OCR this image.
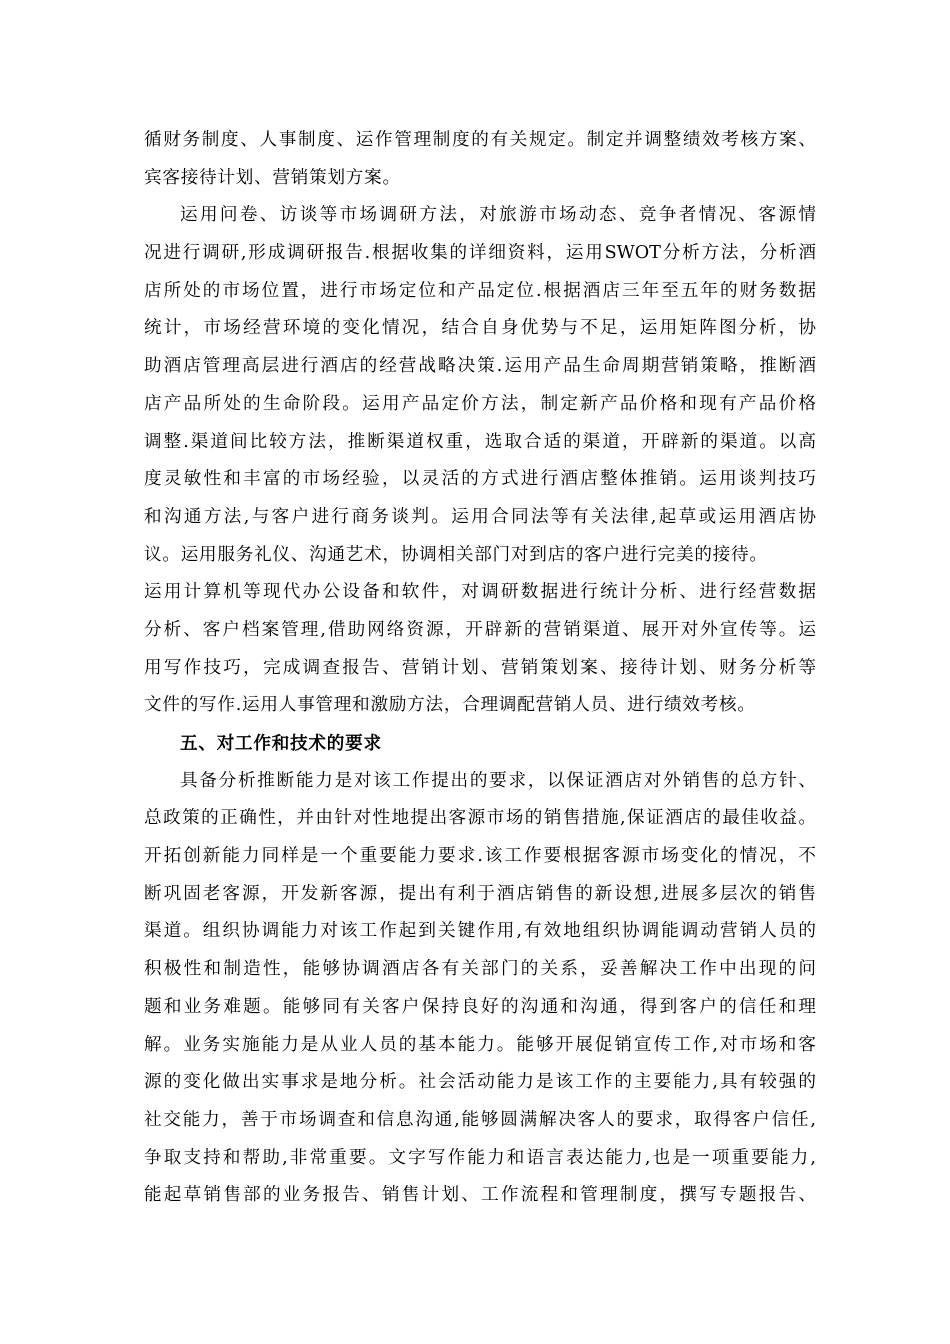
循财务制度、人事制度、运作管理制度的有关规定。制定并调整绩效考核方案、
宾客接待计划、营销策划方案。
运用问卷、访谈等市场调研方法，对旅游市场动态、竞争者情况、客源情
况进行调研,形成调研报告.根据收集的详细资料，运用SWOT分析方法，分析酒
店所处的市场位置，进行市场定位和产品定位.根据酒店三年至五年的财务数据
统计，市场经营环境的变化情况，结合自身优势与不足，运用矩阵图分析，协
助酒店管理高层进行酒店的经营战略决策.运用产品生命周期营销策略，推断酒
店产品所处的生命阶段。运用产品定价方法，制定新产品价格和现有产品价格
调整.渠道间比较方法，推断渠道权重，选取合适的渠道，开辟新的渠道。以高
度灵敏性和丰富的市场经验，以灵活的方式进行酒店整体推销。运用谈判技巧
和沟通方法,与客户进行商务谈判。运用合同法等有关法律,起草或运用酒店协
议。运用服务礼仪、沟通艺术，协调相关部门对到店的客户进行完美的接待。
运用计算机等现代办公设备和软件，对调研数据进行统计分析、进行经营数据
分析、客户档案管理,借助网络资源，开辟新的营销渠道、展开对外宣传等。运
用写作技巧，完成调查报告、营销计划、营销策划案、接待计划、财务分析等
文件的写作.运用人事管理和激励方法，合理调配营销人员、进行绩效考核。
五、对工作和技术的要求
具备分析推断能力是对该工作提出的要求，以保证酒店对外销售的总方针、
总政策的正确性，并由针对性地提出客源市场的销售措施,保证酒店的最佳收益。
开拓创新能力同样是一个重要能力要求.该工作要根据客源市场变化的情况，不
断巩固老客源，开发新客源，提出有利于酒店销售的新设想,进展多层次的销售
渠道。组织协调能力对该工作起到关键作用,有效地组织协调能调动营销人员的
积极性和制造性，能够协调酒店各有关部门的关系，妥善解决工作中出现的问
题和业务难题。能够同有关客户保持良好的沟通和沟通，得到客户的信任和理
解。业务实施能力是从业人员的基本能力。能够开展促销宣传工作,对市场和客
源的变化做出实事求是地分析。社会活动能力是该工作的主要能力,具有较强的
社交能力，善于市场调查和信息沟通,能够圆满解决客人的要求，取得客户信任,
争取支持和帮助,非常重要。文字写作能力和语言表达能力,也是一项重要能力,
能起草销售部的业务报告、销售计划、工作流程和管理制度，撰写专题报告、
